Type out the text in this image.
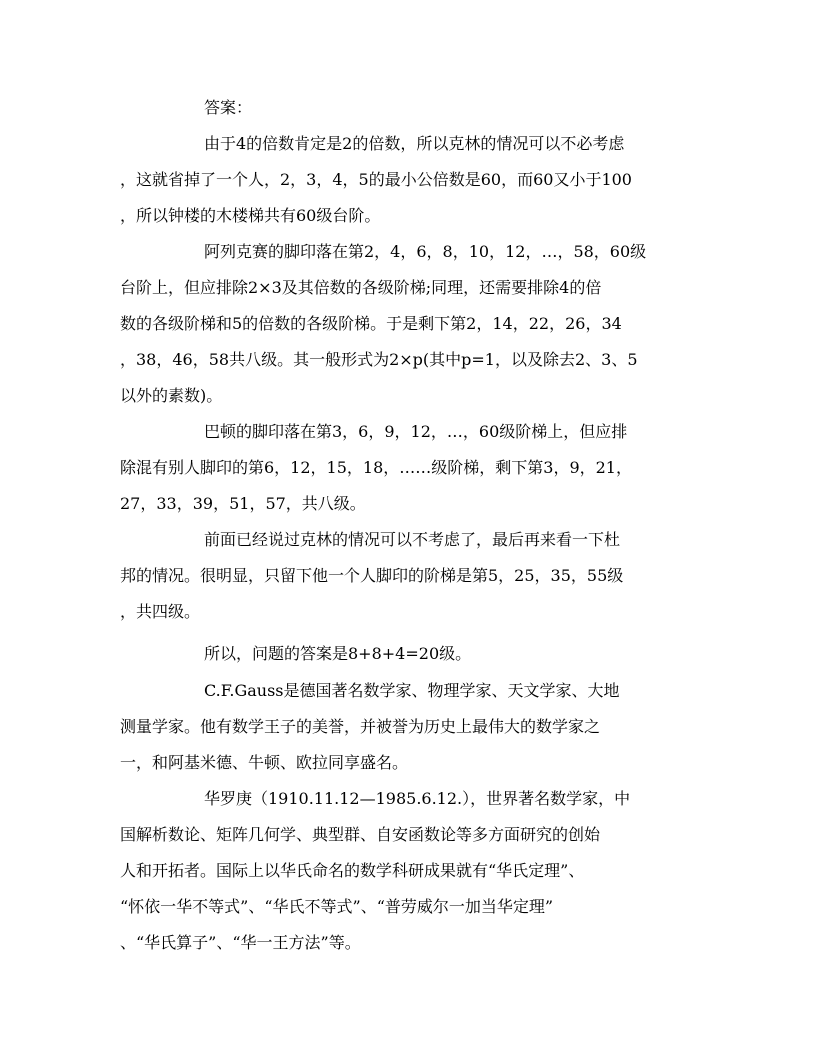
答案：
由于4的倍数肯定是2的倍数，所以克林的情况可以不必考虑
，这就省掉了一个人，2，3，4，5的最小公倍数是60，而60又小于100
，所以钟楼的木楼梯共有60级台阶。
阿列克赛的脚印落在第2，4，6，8，10，12，…，58，60级
台阶上，但应排除2×3及其倍数的各级阶梯;同理，还需要排除4的倍
数的各级阶梯和5的倍数的各级阶梯。于是剩下第2，14，22，26，34
，38，46，58共八级。其一般形式为2×p(其中p=1，以及除去2、3、5
以外的素数)。
巴顿的脚印落在第3，6，9，12，…，60级阶梯上，但应排
除混有别人脚印的第6，12，15，18，……级阶梯，剩下第3，9，21，
27，33，39，51，57，共八级。
前面已经说过克林的情况可以不考虑了，最后再来看一下杜
邦的情况。很明显，只留下他一个人脚印的阶梯是第5，25，35，55级
，共四级。
所以，问题的答案是8+8+4=20级。
C.F.Gauss是德国著名数学家、物理学家、天文学家、大地
测量学家。他有数学王子的美誉，并被誉为历史上最伟大的数学家之
一，和阿基米德、牛顿、欧拉同享盛名。
华罗庚（1910.11.12—1985.6.12.），世界著名数学家，中
国解析数论、矩阵几何学、典型群、自安函数论等多方面研究的创始
人和开拓者。国际上以华氏命名的数学科研成果就有“华氏定理”、
“怀依一华不等式”、“华氏不等式”、“普劳威尔一加当华定理”
、“华氏算子”、“华一王方法”等。
